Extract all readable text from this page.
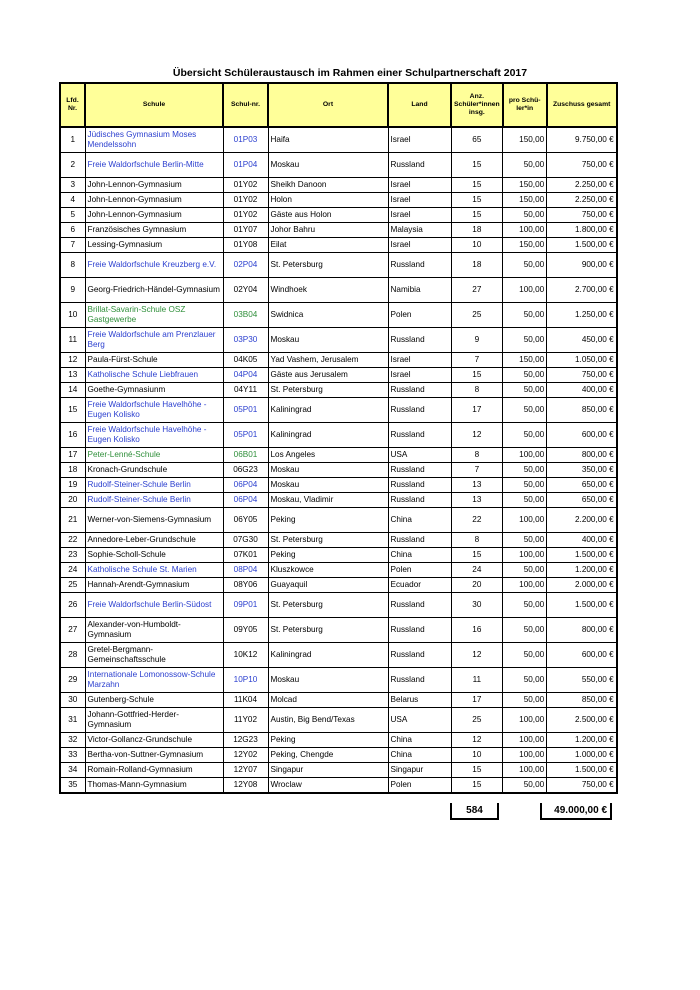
Übersicht Schüleraustausch im Rahmen einer Schulpartnerschaft 2017
Lfd. Nr.	Schule	Schul-nr.	Ort	Land	Anz. Schüler*innen insg.	pro Schü-ler*in	Zuschuss gesamt
1	Jüdisches Gymnasium Moses Mendelssohn	01P03	Haifa	Israel	65	150,00	9.750,00 €
2	Freie Waldorfschule Berlin-Mitte	01P04	Moskau	Russland	15	50,00	750,00 €
3	John-Lennon-Gymnasium	01Y02	Sheikh Danoon	Israel	15	150,00	2.250,00 €
4	John-Lennon-Gymnasium	01Y02	Holon	Israel	15	150,00	2.250,00 €
5	John-Lennon-Gymnasium	01Y02	Gäste aus Holon	Israel	15	50,00	750,00 €
6	Französisches Gymnasium	01Y07	Johor Bahru	Malaysia	18	100,00	1.800,00 €
7	Lessing-Gymnasium	01Y08	Eilat	Israel	10	150,00	1.500,00 €
8	Freie Waldorfschule Kreuzberg e.V.	02P04	St. Petersburg	Russland	18	50,00	900,00 €
9	Georg-Friedrich-Händel-Gymnasium	02Y04	Windhoek	Namibia	27	100,00	2.700,00 €
10	Brillat-Savarin-Schule OSZ Gastgewerbe	03B04	Swidnica	Polen	25	50,00	1.250,00 €
11	Freie Waldorfschule am Prenzlauer Berg	03P30	Moskau	Russland	9	50,00	450,00 €
12	Paula-Fürst-Schule	04K05	Yad Vashem, Jerusalem	Israel	7	150,00	1.050,00 €
13	Katholische Schule Liebfrauen	04P04	Gäste aus Jerusalem	Israel	15	50,00	750,00 €
14	Goethe-Gymnasiunm	04Y11	St. Petersburg	Russland	8	50,00	400,00 €
15	Freie Waldorfschule Havelhöhe - Eugen Kolisko	05P01	Kaliningrad	Russland	17	50,00	850,00 €
16	Freie Waldorfschule Havelhöhe - Eugen Kolisko	05P01	Kaliningrad	Russland	12	50,00	600,00 €
17	Peter-Lenné-Schule	06B01	Los Angeles	USA	8	100,00	800,00 €
18	Kronach-Grundschule	06G23	Moskau	Russland	7	50,00	350,00 €
19	Rudolf-Steiner-Schule Berlin	06P04	Moskau	Russland	13	50,00	650,00 €
20	Rudolf-Steiner-Schule Berlin	06P04	Moskau, Vladimir	Russland	13	50,00	650,00 €
21	Werner-von-Siemens-Gymnasium	06Y05	Peking	China	22	100,00	2.200,00 €
22	Annedore-Leber-Grundschule	07G30	St. Petersburg	Russland	8	50,00	400,00 €
23	Sophie-Scholl-Schule	07K01	Peking	China	15	100,00	1.500,00 €
24	Katholische Schule St. Marien	08P04	Kluszkowce	Polen	24	50,00	1.200,00 €
25	Hannah-Arendt-Gymnasium	08Y06	Guayaquil	Ecuador	20	100,00	2.000,00 €
26	Freie Waldorfschule Berlin-Südost	09P01	St. Petersburg	Russland	30	50,00	1.500,00 €
27	Alexander-von-Humboldt-Gymnasium	09Y05	St. Petersburg	Russland	16	50,00	800,00 €
28	Gretel-Bergmann-Gemeinschaftsschule	10K12	Kaliningrad	Russland	12	50,00	600,00 €
29	Internationale Lomonossow-Schule Marzahn	10P10	Moskau	Russland	11	50,00	550,00 €
30	Gutenberg-Schule	11K04	Molcad	Belarus	17	50,00	850,00 €
31	Johann-Gottfried-Herder-Gymnasium	11Y02	Austin, Big Bend/Texas	USA	25	100,00	2.500,00 €
32	Victor-Gollancz-Grundschule	12G23	Peking	China	12	100,00	1.200,00 €
33	Bertha-von-Suttner-Gymnasium	12Y02	Peking, Chengde	China	10	100,00	1.000,00 €
34	Romain-Rolland-Gymnasium	12Y07	Singapur	Singapur	15	100,00	1.500,00 €
35	Thomas-Mann-Gymnasium	12Y08	Wroclaw	Polen	15	50,00	750,00 €
584	49.000,00 €
